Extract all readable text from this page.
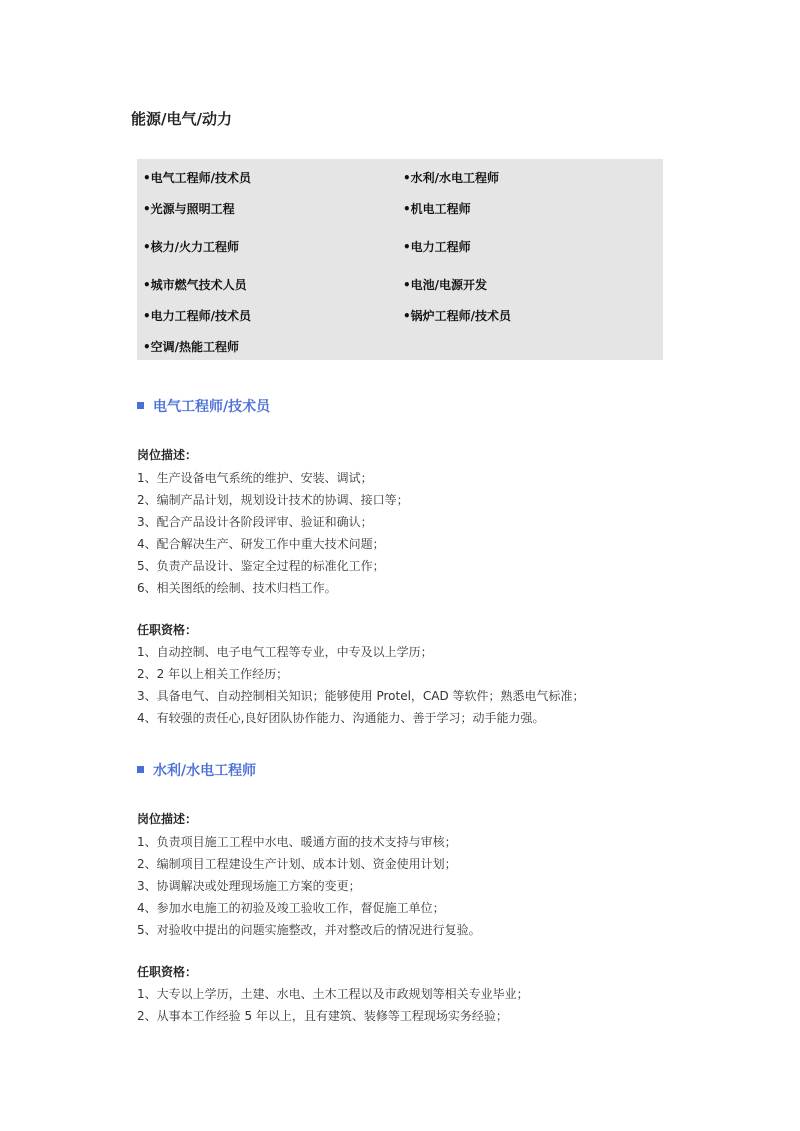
能源/电气/动力
•电气工程师/技术员
•光源与照明工程
•核力/火力工程师
•城市燃气技术人员
•电力工程师/技术员
•空调/热能工程师
•水利/水电工程师
•机电工程师
•电力工程师
•电池/电源开发
•锅炉工程师/技术员
电气工程师/技术员
岗位描述：
1、生产设备电气系统的维护、安装、调试；
2、编制产品计划，规划设计技术的协调、接口等；
3、配合产品设计各阶段评审、验证和确认；
4、配合解决生产、研发工作中重大技术问题；
5、负责产品设计、鉴定全过程的标准化工作；
6、相关图纸的绘制、技术归档工作。
任职资格：
1、自动控制、电子电气工程等专业，中专及以上学历；
2、2 年以上相关工作经历；
3、具备电气、自动控制相关知识；能够使用 Protel，CAD 等软件；熟悉电气标准；
4、有较强的责任心,良好团队协作能力、沟通能力、善于学习；动手能力强。
水利/水电工程师
岗位描述：
1、负责项目施工工程中水电、暖通方面的技术支持与审核；
2、编制项目工程建设生产计划、成本计划、资金使用计划；
3、协调解决或处理现场施工方案的变更；
4、参加水电施工的初验及竣工验收工作，督促施工单位；
5、对验收中提出的问题实施整改，并对整改后的情况进行复验。
任职资格：
1、大专以上学历，土建、水电、土木工程以及市政规划等相关专业毕业；
2、从事本工作经验 5 年以上，且有建筑、装修等工程现场实务经验；
